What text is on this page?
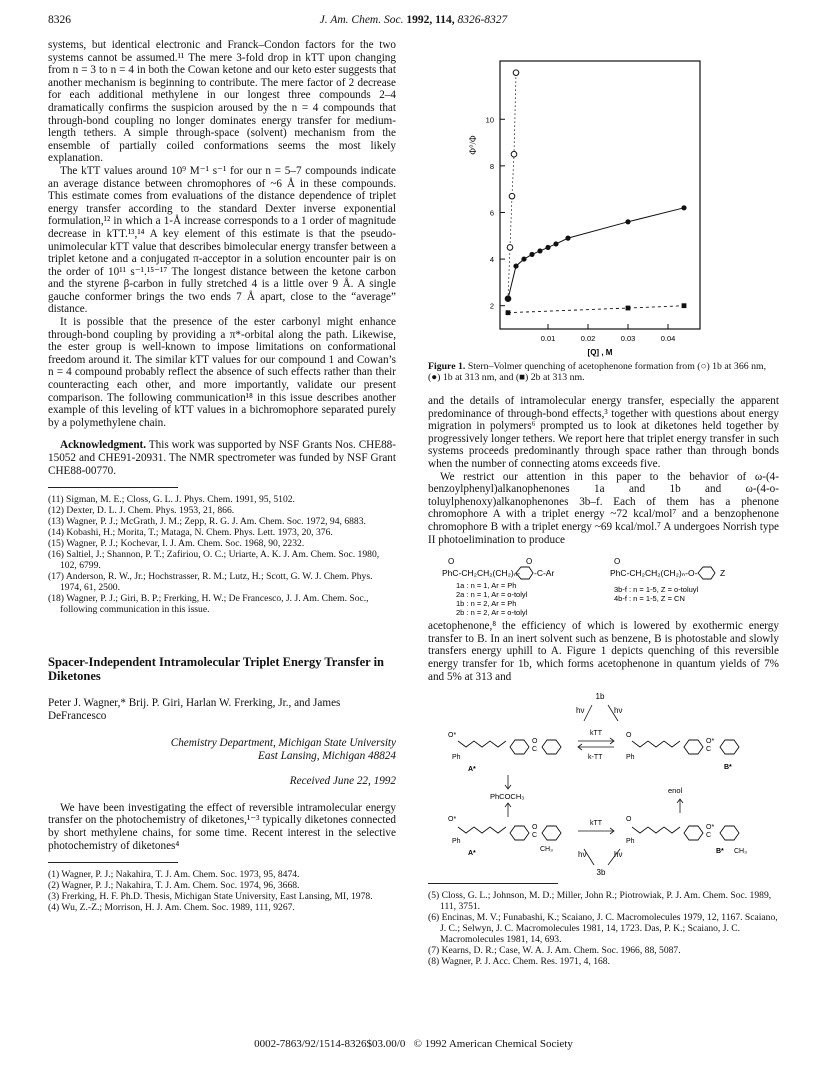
8326	J. Am. Chem. Soc. 1992, 114, 8326-8327

systems, but identical electronic and Franck–Condon factors for the two systems cannot be assumed.¹¹ The mere 3-fold drop in kTT upon changing from n = 3 to n = 4 in both the Cowan ketone and our keto ester suggests that another mechanism is beginning to contribute. The mere factor of 2 decrease for each additional methylene in our longest three compounds 2–4 dramatically confirms the suspicion aroused by the n = 4 compounds that through-bond coupling no longer dominates energy transfer for medium-length tethers. A simple through-space (solvent) mechanism from the ensemble of partially coiled conformations seems the most likely explanation.

The kTT values around 10⁹ M⁻¹ s⁻¹ for our n = 5–7 compounds indicate an average distance between chromophores of ~6 Å in these compounds. This estimate comes from evaluations of the distance dependence of triplet energy transfer according to the standard Dexter inverse exponential formulation,¹² in which a 1-Å increase corresponds to a 1 order of magnitude decrease in kTT.¹³,¹⁴ A key element of this estimate is that the pseudo-unimolecular kTT value that describes bimolecular energy transfer between a triplet ketone and a conjugated π-acceptor in a solution encounter pair is on the order of 10¹¹ s⁻¹.¹⁵⁻¹⁷ The longest distance between the ketone carbon and the styrene β-carbon in fully stretched 4 is a little over 9 Å. A single gauche conformer brings the two ends 7 Å apart, close to the “average” distance.

It is possible that the presence of the ester carbonyl might enhance through-bond coupling by providing a π*-orbital along the path. Likewise, the ester group is well-known to impose limitations on conformational freedom around it. The similar kTT values for our compound 1 and Cowan’s n = 4 compound probably reflect the absence of such effects rather than their counteracting each other, and more importantly, validate our present comparison. The following communication¹⁸ in this issue describes another example of this leveling of kTT values in a bichromophore separated purely by a polymethylene chain.

Acknowledgment. This work was supported by NSF Grants Nos. CHE88-15052 and CHE91-20931. The NMR spectrometer was funded by NSF Grant CHE88-00770.

(11) Sigman, M. E.; Closs, G. L. J. Phys. Chem. 1991, 95, 5102.
(12) Dexter, D. L. J. Chem. Phys. 1953, 21, 866.
(13) Wagner, P. J.; McGrath, J. M.; Zepp, R. G. J. Am. Chem. Soc. 1972, 94, 6883.
(14) Kobashi, H.; Morita, T.; Mataga, N. Chem. Phys. Lett. 1973, 20, 376.
(15) Wagner, P. J.; Kochevar, I. J. Am. Chem. Soc. 1968, 90, 2232.
(16) Saltiel, J.; Shannon, P. T.; Zafiriou, O. C.; Uriarte, A. K. J. Am. Chem. Soc. 1980, 102, 6799.
(17) Anderson, R. W., Jr.; Hochstrasser, R. M.; Lutz, H.; Scott, G. W. J. Chem. Phys. 1974, 61, 2500.
(18) Wagner, P. J.; Giri, B. P.; Frerking, H. W.; De Francesco, J. J. Am. Chem. Soc., following communication in this issue.
Spacer-Independent Intramolecular Triplet Energy Transfer in Diketones
Peter J. Wagner,* Brij. P. Giri, Harlan W. Frerking, Jr., and James DeFrancesco
Chemistry Department, Michigan State University
East Lansing, Michigan 48824
Received June 22, 1992

We have been investigating the effect of reversible intramolecular energy transfer on the photochemistry of diketones,¹⁻³ typically diketones connected by short methylene chains, for some time. Recent interest in the selective photochemistry of diketones⁴

(1) Wagner, P. J.; Nakahira, T. J. Am. Chem. Soc. 1973, 95, 8474.
(2) Wagner, P. J.; Nakahira, T. J. Am. Chem. Soc. 1974, 96, 3668.
(3) Frerking, H. F. Ph.D. Thesis, Michigan State University, East Lansing, MI, 1978.
(4) Wu, Z.-Z.; Morrison, H. J. Am. Chem. Soc. 1989, 111, 9267.
0.01	0.02	0.03	0.04
2
4
6
8
10
[Q] , M
Φ°/Φ
Figure 1. Stern–Volmer quenching of acetophenone formation from (○) 1b at 366 nm, (●) 1b at 313 nm, and (■) 2b at 313 nm.

and the details of intramolecular energy transfer, especially the apparent predominance of through-bond effects,³ together with questions about energy migration in polymers⁶ prompted us to look at diketones held together by progressively longer tethers. We report here that triplet energy transfer in such systems proceeds predominantly through space rather than through bonds when the number of connecting atoms exceeds five.

We restrict our attention in this paper to the behavior of ω-(4-benzoylphenyl)alkanophenones 1a and 1b and ω-(4-o-toluylphenoxy)alkanophenones 3b–f. Each of them has a phenone chromophore A with a triplet energy ~72 kcal/mol⁷ and a benzophenone chromophore B with a triplet energy ~69 kcal/mol.⁷ A undergoes Norrish type II photoelimination to produce

O	O	O
PhC-CH₂CH₂(CH₂)ₙ- -C-Ar	PhC-CH₂CH₂(CH₂)ₙ-O-	Z
1a : n = 1, Ar = Ph
2a : n = 1, Ar = o-tolyl
1b : n = 2, Ar = Ph
2b : n = 2, Ar = o-tolyl
3b-f : n = 1-5, Z = o-toluyl
4b-f : n = 1-5, Z = CN

acetophenone,⁸ the efficiency of which is lowered by exothermic energy transfer to B. In an inert solvent such as benzene, B is photostable and slowly transfers energy uphill to A. Figure 1 depicts quenching of this reversible energy transfer for 1b, which forms acetophenone in quantum yields of 7% and 5% at 313 and

1b
hν	hν
O*
O
C
Ph
A*
kTT
k-TT
O
O*
C
Ph
B*
PhCOCH₃
enol
O*
O
C
CH₃
Ph
A*
kTT
O
O*
C
Ph
B* CH₃
hν	hν
3b
(5) Closs, G. L.; Johnson, M. D.; Miller, John R.; Piotrowiak, P. J. Am. Chem. Soc. 1989, 111, 3751.
(6) Encinas, M. V.; Funabashi, K.; Scaiano, J. C. Macromolecules 1979, 12, 1167. Scaiano, J. C.; Selwyn, J. C. Macromolecules 1981, 14, 1723. Das, P. K.; Scaiano, J. C. Macromolecules 1981, 14, 693.
(7) Kearns, D. R.; Case, W. A. J. Am. Chem. Soc. 1966, 88, 5087.
(8) Wagner, P. J. Acc. Chem. Res. 1971, 4, 168.
0002-7863/92/1514-8326$03.00/0   © 1992 American Chemical Society
